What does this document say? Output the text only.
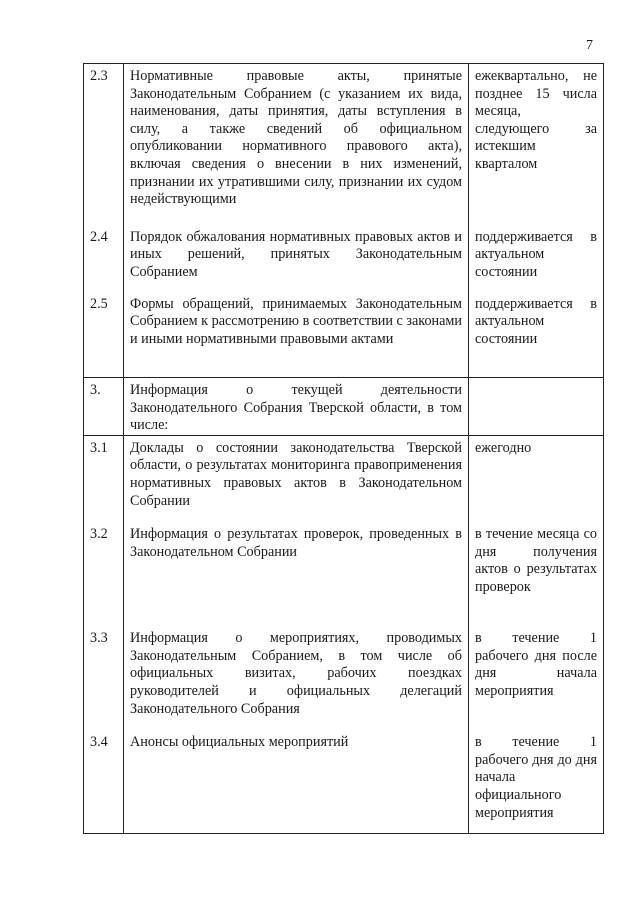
7
2.3	Нормативные правовые акты, принятые Законодательным Собранием (с указанием их вида, наименования, даты принятия, даты вступления в силу, а также сведений об официальном опубликовании нормативного правового акта), включая сведения о внесении в них изменений, признании их утратившими силу, признании их судом недействующими	ежеквартально, не позднее 15 числа месяца, следующего за истекшим кварталом
2.4	Порядок обжалования нормативных правовых актов и иных решений, принятых Законодательным Собранием	поддерживается в актуальном состоянии
2.5	Формы обращений, принимаемых Законодательным Собранием к рассмотрению в соответствии с законами и иными нормативными правовыми актами	поддерживается в актуальном состоянии
3.	Информация о текущей деятельности Законодательного Собрания Тверской области, в том числе:	
3.1	Доклады о состоянии законодательства Тверской области, о результатах мониторинга правоприменения нормативных правовых актов в Законодательном Собрании	ежегодно
3.2	Информация о результатах проверок, проведенных в Законодательном Собрании	в течение месяца со дня получения актов о результатах проверок
3.3	Информация о мероприятиях, проводимых Законодательным Собранием, в том числе об официальных визитах, рабочих поездках руководителей и официальных делегаций Законодательного Собрания	в течение 1 рабочего дня после дня начала мероприятия
3.4	Анонсы официальных мероприятий	в течение 1 рабочего дня до дня начала официального мероприятия
